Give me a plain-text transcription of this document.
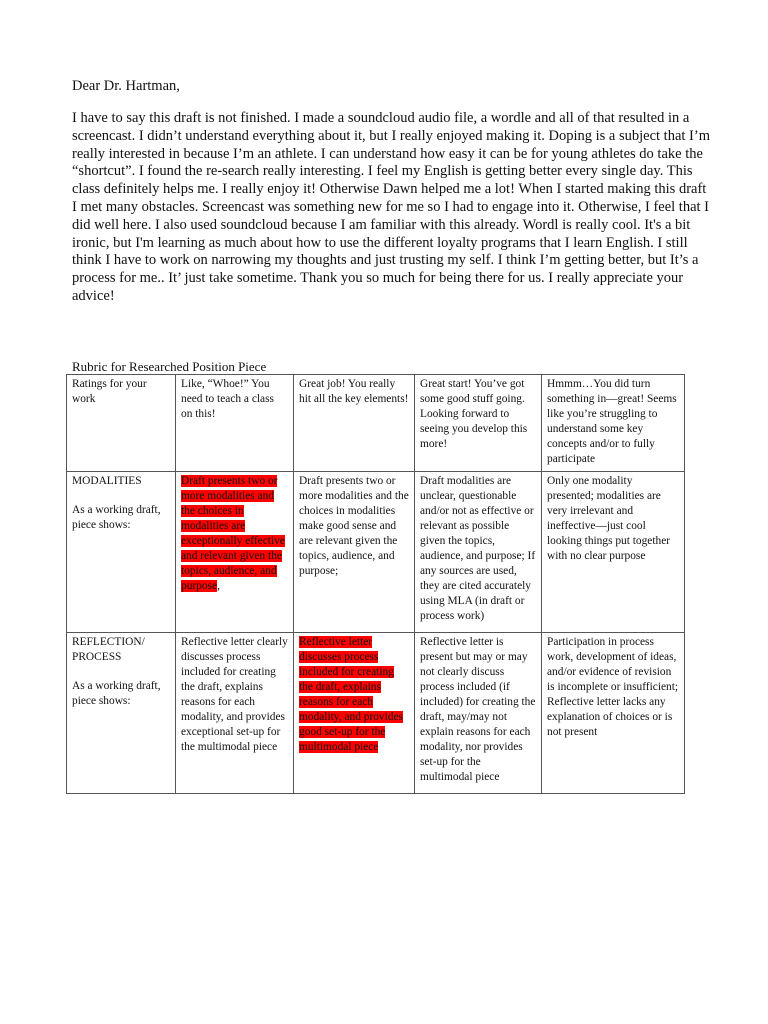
Dear Dr. Hartman,

I have to say this draft is not finished. I made a soundcloud audio file, a wordle and all of that resulted in a screencast. I didn’t understand everything about it, but I really enjoyed making it. Doping is a subject that I’m really interested in because I’m an athlete. I can understand how easy it can be for young athletes do take the “shortcut”. I found the re-search really interesting. I feel my English is getting better every single day. This class definitely helps me. I really enjoy it! Otherwise Dawn helped me a lot! When I started making this draft I met many obstacles. Screencast was something new for me so I had to engage into it. Otherwise, I feel that I did well here. I also used soundcloud because I am familiar with this already. Wordl is really cool. It's a bit ironic, but I'm learning as much about how to use the different loyalty programs that I learn English. I still think I have to work on narrowing my thoughts and just trusting my self. I think I’m getting better, but It’s a process for me.. It’ just take sometime. Thank you so much for being there for us. I really appreciate your advice!

Rubric for Researched Position Piece

Ratings for your work	Like, “Whoe!” You need to teach a class on this!	Great job! You really hit all the key elements!	Great start! You’ve got some good stuff going. Looking forward to seeing you develop this more!	Hmmm…You did turn something in—great! Seems like you’re struggling to understand some key concepts and/or to fully participate
MODALITIES
As a working draft, piece shows:	Draft presents two or more modalities and the choices in modalities are exceptionally effective and relevant given the topics, audience, and purpose,	Draft presents two or more modalities and the choices in modalities make good sense and are relevant given the topics, audience, and purpose;	Draft modalities are unclear, questionable and/or not as effective or relevant as possible given the topics, audience, and purpose; If any sources are used, they are cited accurately using MLA (in draft or process work)	Only one modality presented; modalities are very irrelevant and ineffective—just cool looking things put together with no clear purpose
REFLECTION/ PROCESS
As a working draft, piece shows:	Reflective letter clearly discusses process included for creating the draft, explains reasons for each modality, and provides exceptional set-up for the multimodal piece	Reflective letter discusses process included for creating the draft, explains reasons for each modality, and provides good set-up for the multimodal piece	Reflective letter is present but may or may not clearly discuss process included (if included) for creating the draft, may/may not explain reasons for each modality, nor provides set-up for the multimodal piece	Participation in process work, development of ideas, and/or evidence of revision is incomplete or insufficient; Reflective letter lacks any explanation of choices or is not present
